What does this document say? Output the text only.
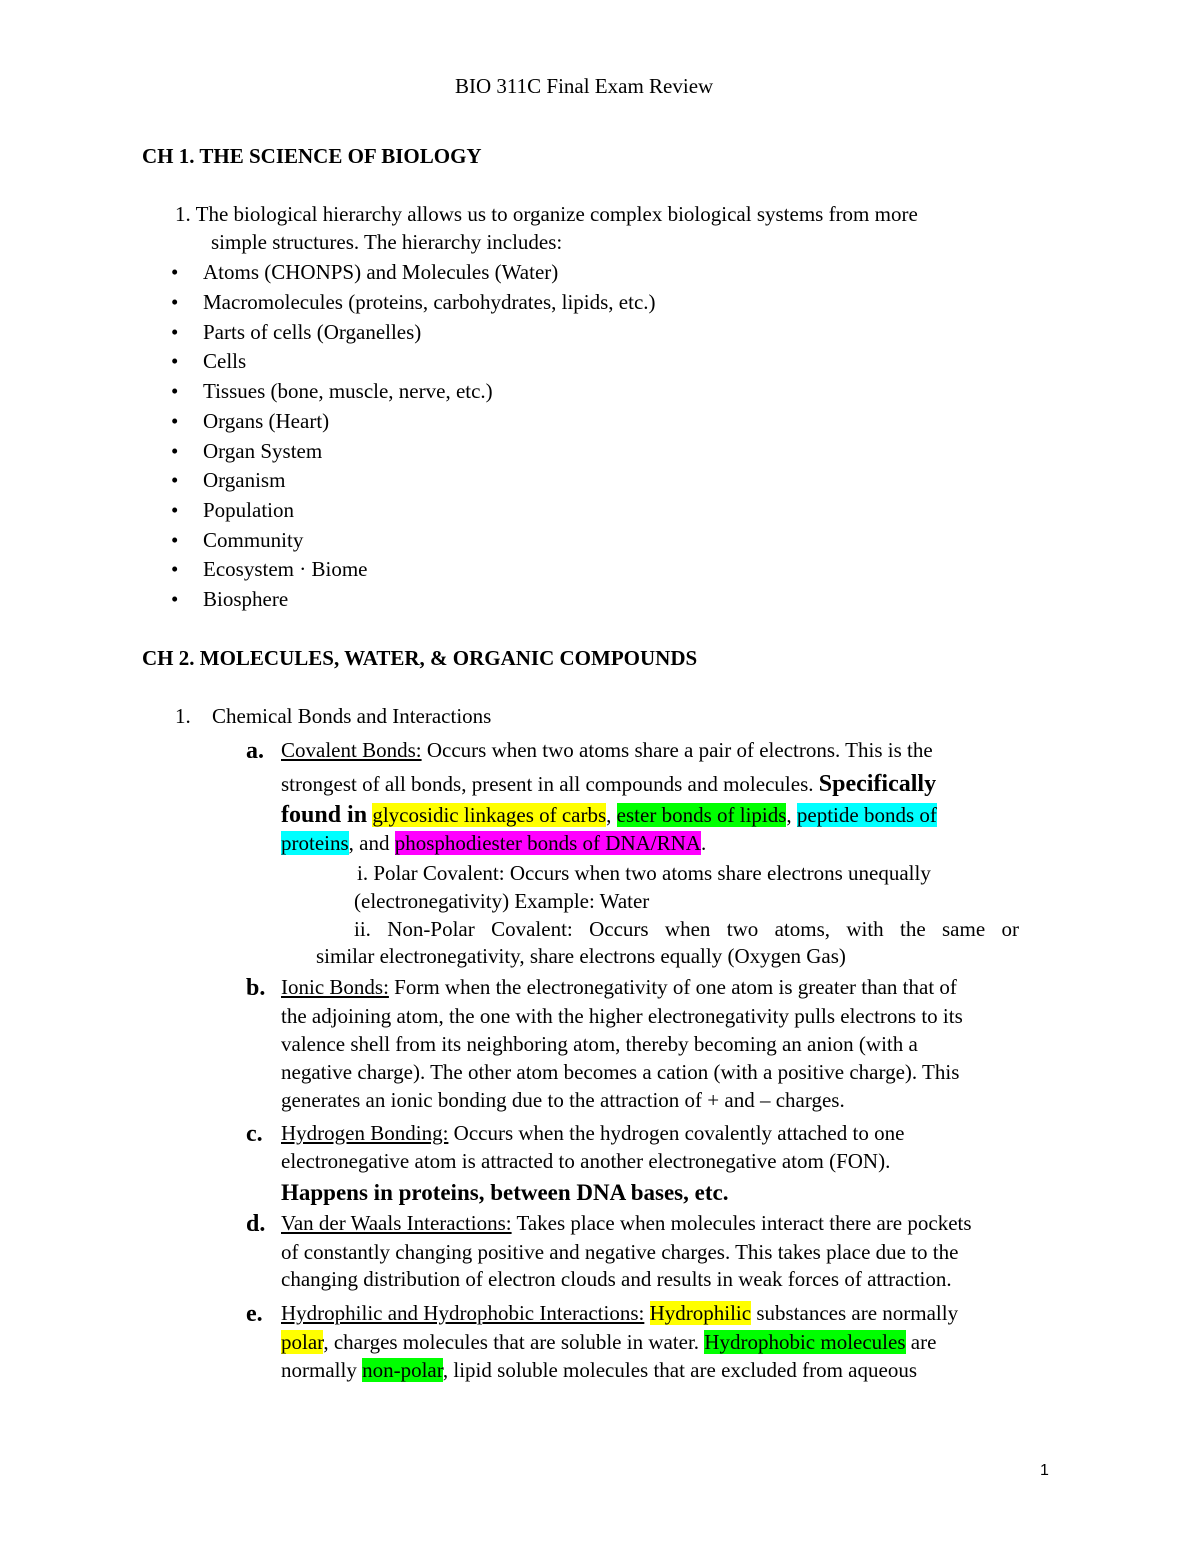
BIO 311C Final Exam Review
CH 1. THE SCIENCE OF BIOLOGY
1. The biological hierarchy allows us to organize complex biological systems from more
simple structures. The hierarchy includes:
• Atoms (CHONPS) and Molecules (Water)
• Macromolecules (proteins, carbohydrates, lipids, etc.)
• Parts of cells (Organelles)
• Cells
• Tissues (bone, muscle, nerve, etc.)
• Organs (Heart)
• Organ System
• Organism
• Population
• Community
• Ecosystem · Biome
• Biosphere
CH 2. MOLECULES, WATER, & ORGANIC COMPOUNDS
1. Chemical Bonds and Interactions
a. Covalent Bonds: Occurs when two atoms share a pair of electrons. This is the
strongest of all bonds, present in all compounds and molecules. Specifically
found in glycosidic linkages of carbs, ester bonds of lipids, peptide bonds of
proteins, and phosphodiester bonds of DNA/RNA.
i. Polar Covalent: Occurs when two atoms share electrons unequally
(electronegativity) Example: Water
ii. Non-Polar Covalent: Occurs when two atoms, with the same or
similar electronegativity, share electrons equally (Oxygen Gas)
b. Ionic Bonds: Form when the electronegativity of one atom is greater than that of
the adjoining atom, the one with the higher electronegativity pulls electrons to its
valence shell from its neighboring atom, thereby becoming an anion (with a
negative charge). The other atom becomes a cation (with a positive charge). This
generates an ionic bonding due to the attraction of + and – charges.
c. Hydrogen Bonding: Occurs when the hydrogen covalently attached to one
electronegative atom is attracted to another electronegative atom (FON).
Happens in proteins, between DNA bases, etc.
d. Van der Waals Interactions: Takes place when molecules interact there are pockets
of constantly changing positive and negative charges. This takes place due to the
changing distribution of electron clouds and results in weak forces of attraction.
e. Hydrophilic and Hydrophobic Interactions: Hydrophilic substances are normally
polar, charges molecules that are soluble in water. Hydrophobic molecules are
normally non-polar, lipid soluble molecules that are excluded from aqueous
1
